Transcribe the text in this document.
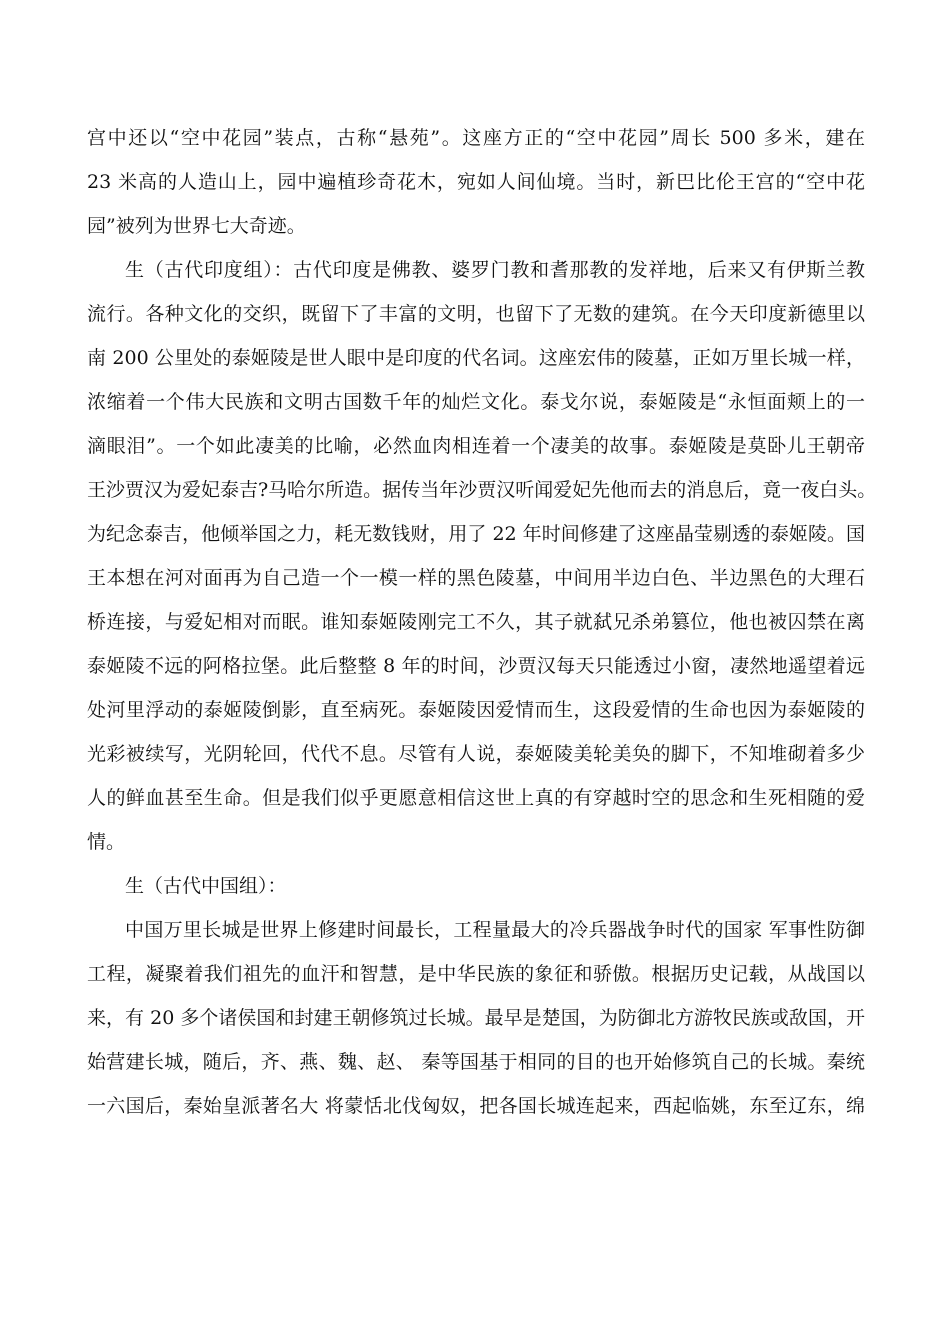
宫中还以“空中花园”装点，古称“悬苑”。这座方正的“空中花园”周长 500 多米，建在
23 米高的人造山上，园中遍植珍奇花木，宛如人间仙境。当时，新巴比伦王宫的“空中花
园”被列为世界七大奇迹。
生（古代印度组）：古代印度是佛教、婆罗门教和耆那教的发祥地，后来又有伊斯兰教
流行。各种文化的交织，既留下了丰富的文明，也留下了无数的建筑。在今天印度新德里以
南 200 公里处的泰姬陵是世人眼中是印度的代名词。这座宏伟的陵墓，正如万里长城一样，
浓缩着一个伟大民族和文明古国数千年的灿烂文化。泰戈尔说，泰姬陵是“永恒面颊上的一
滴眼泪”。一个如此凄美的比喻，必然血肉相连着一个凄美的故事。泰姬陵是莫卧儿王朝帝
王沙贾汉为爱妃泰吉?马哈尔所造。据传当年沙贾汉听闻爱妃先他而去的消息后，竟一夜白头。
为纪念泰吉，他倾举国之力，耗无数钱财，用了 22 年时间修建了这座晶莹剔透的泰姬陵。国
王本想在河对面再为自己造一个一模一样的黑色陵墓，中间用半边白色、半边黑色的大理石
桥连接，与爱妃相对而眠。谁知泰姬陵刚完工不久，其子就弑兄杀弟篡位，他也被囚禁在离
泰姬陵不远的阿格拉堡。此后整整 8 年的时间，沙贾汉每天只能透过小窗，凄然地遥望着远
处河里浮动的泰姬陵倒影，直至病死。泰姬陵因爱情而生，这段爱情的生命也因为泰姬陵的
光彩被续写，光阴轮回，代代不息。尽管有人说，泰姬陵美轮美奂的脚下，不知堆砌着多少
人的鲜血甚至生命。但是我们似乎更愿意相信这世上真的有穿越时空的思念和生死相随的爱
情。
生（古代中国组）：
中国万里长城是世界上修建时间最长，工程量最大的冷兵器战争时代的国家 军事性防御
工程，凝聚着我们祖先的血汗和智慧，是中华民族的象征和骄傲。根据历史记载，从战国以
来，有 20 多个诸侯国和封建王朝修筑过长城。最早是楚国，为防御北方游牧民族或敌国，开
始营建长城，随后，齐、燕、魏、赵、 秦等国基于相同的目的也开始修筑自己的长城。秦统
一六国后，秦始皇派著名大 将蒙恬北伐匈奴，把各国长城连起来，西起临姚，东至辽东，绵
